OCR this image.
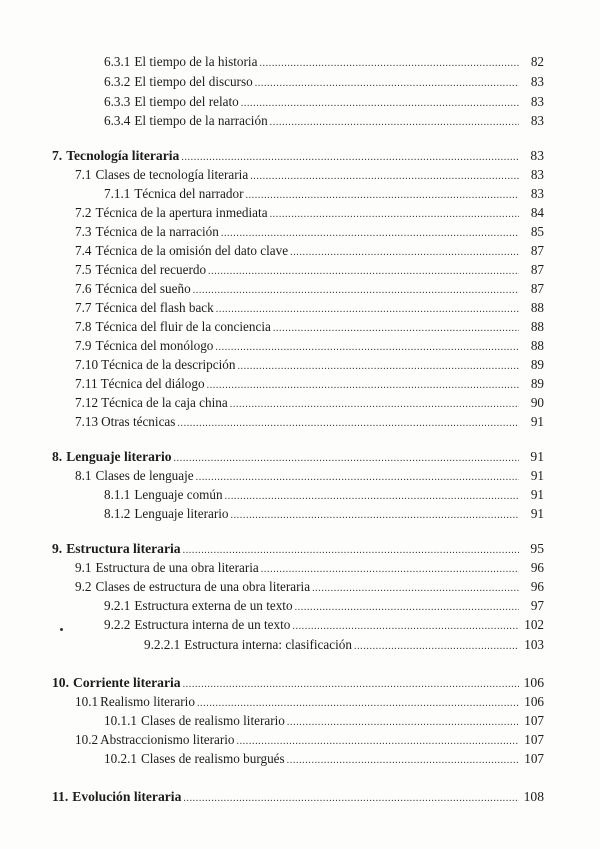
6.3.1 El tiempo de la historia .....	82
6.3.2 El tiempo del discurso .....	83
6.3.3 El tiempo del relato .....	83
6.3.4 El tiempo de la narración .....	83
7. Tecnología literaria .....	83
7.1 Clases de tecnología literaria .....	83
7.1.1 Técnica del narrador .....	83
7.2 Técnica de la apertura inmediata .....	84
7.3 Técnica de la narración .....	85
7.4 Técnica de la omisión del dato clave .....	87
7.5 Técnica del recuerdo .....	87
7.6 Técnica del sueño .....	87
7.7 Técnica del flash back .....	88
7.8 Técnica del fluir de la conciencia .....	88
7.9 Técnica del monólogo .....	88
7.10 Técnica de la descripción .....	89
7.11 Técnica del diálogo .....	89
7.12 Técnica de la caja china .....	90
7.13 Otras técnicas .....	91
8. Lenguaje literario .....	91
8.1 Clases de lenguaje .....	91
8.1.1 Lenguaje común .....	91
8.1.2 Lenguaje literario .....	91
9. Estructura literaria .....	95
9.1 Estructura de una obra literaria .....	96
9.2 Clases de estructura de una obra literaria .....	96
9.2.1 Estructura externa de un texto .....	97
9.2.2 Estructura interna de un texto .....	102
9.2.2.1 Estructura interna: clasificación .....	103
10. Corriente literaria .....	106
10.1 Realismo literario .....	106
10.1.1 Clases de realismo literario .....	107
10.2 Abstraccionismo literario .....	107
10.2.1 Clases de realismo burgués .....	107
11. Evolución literaria .....	108
